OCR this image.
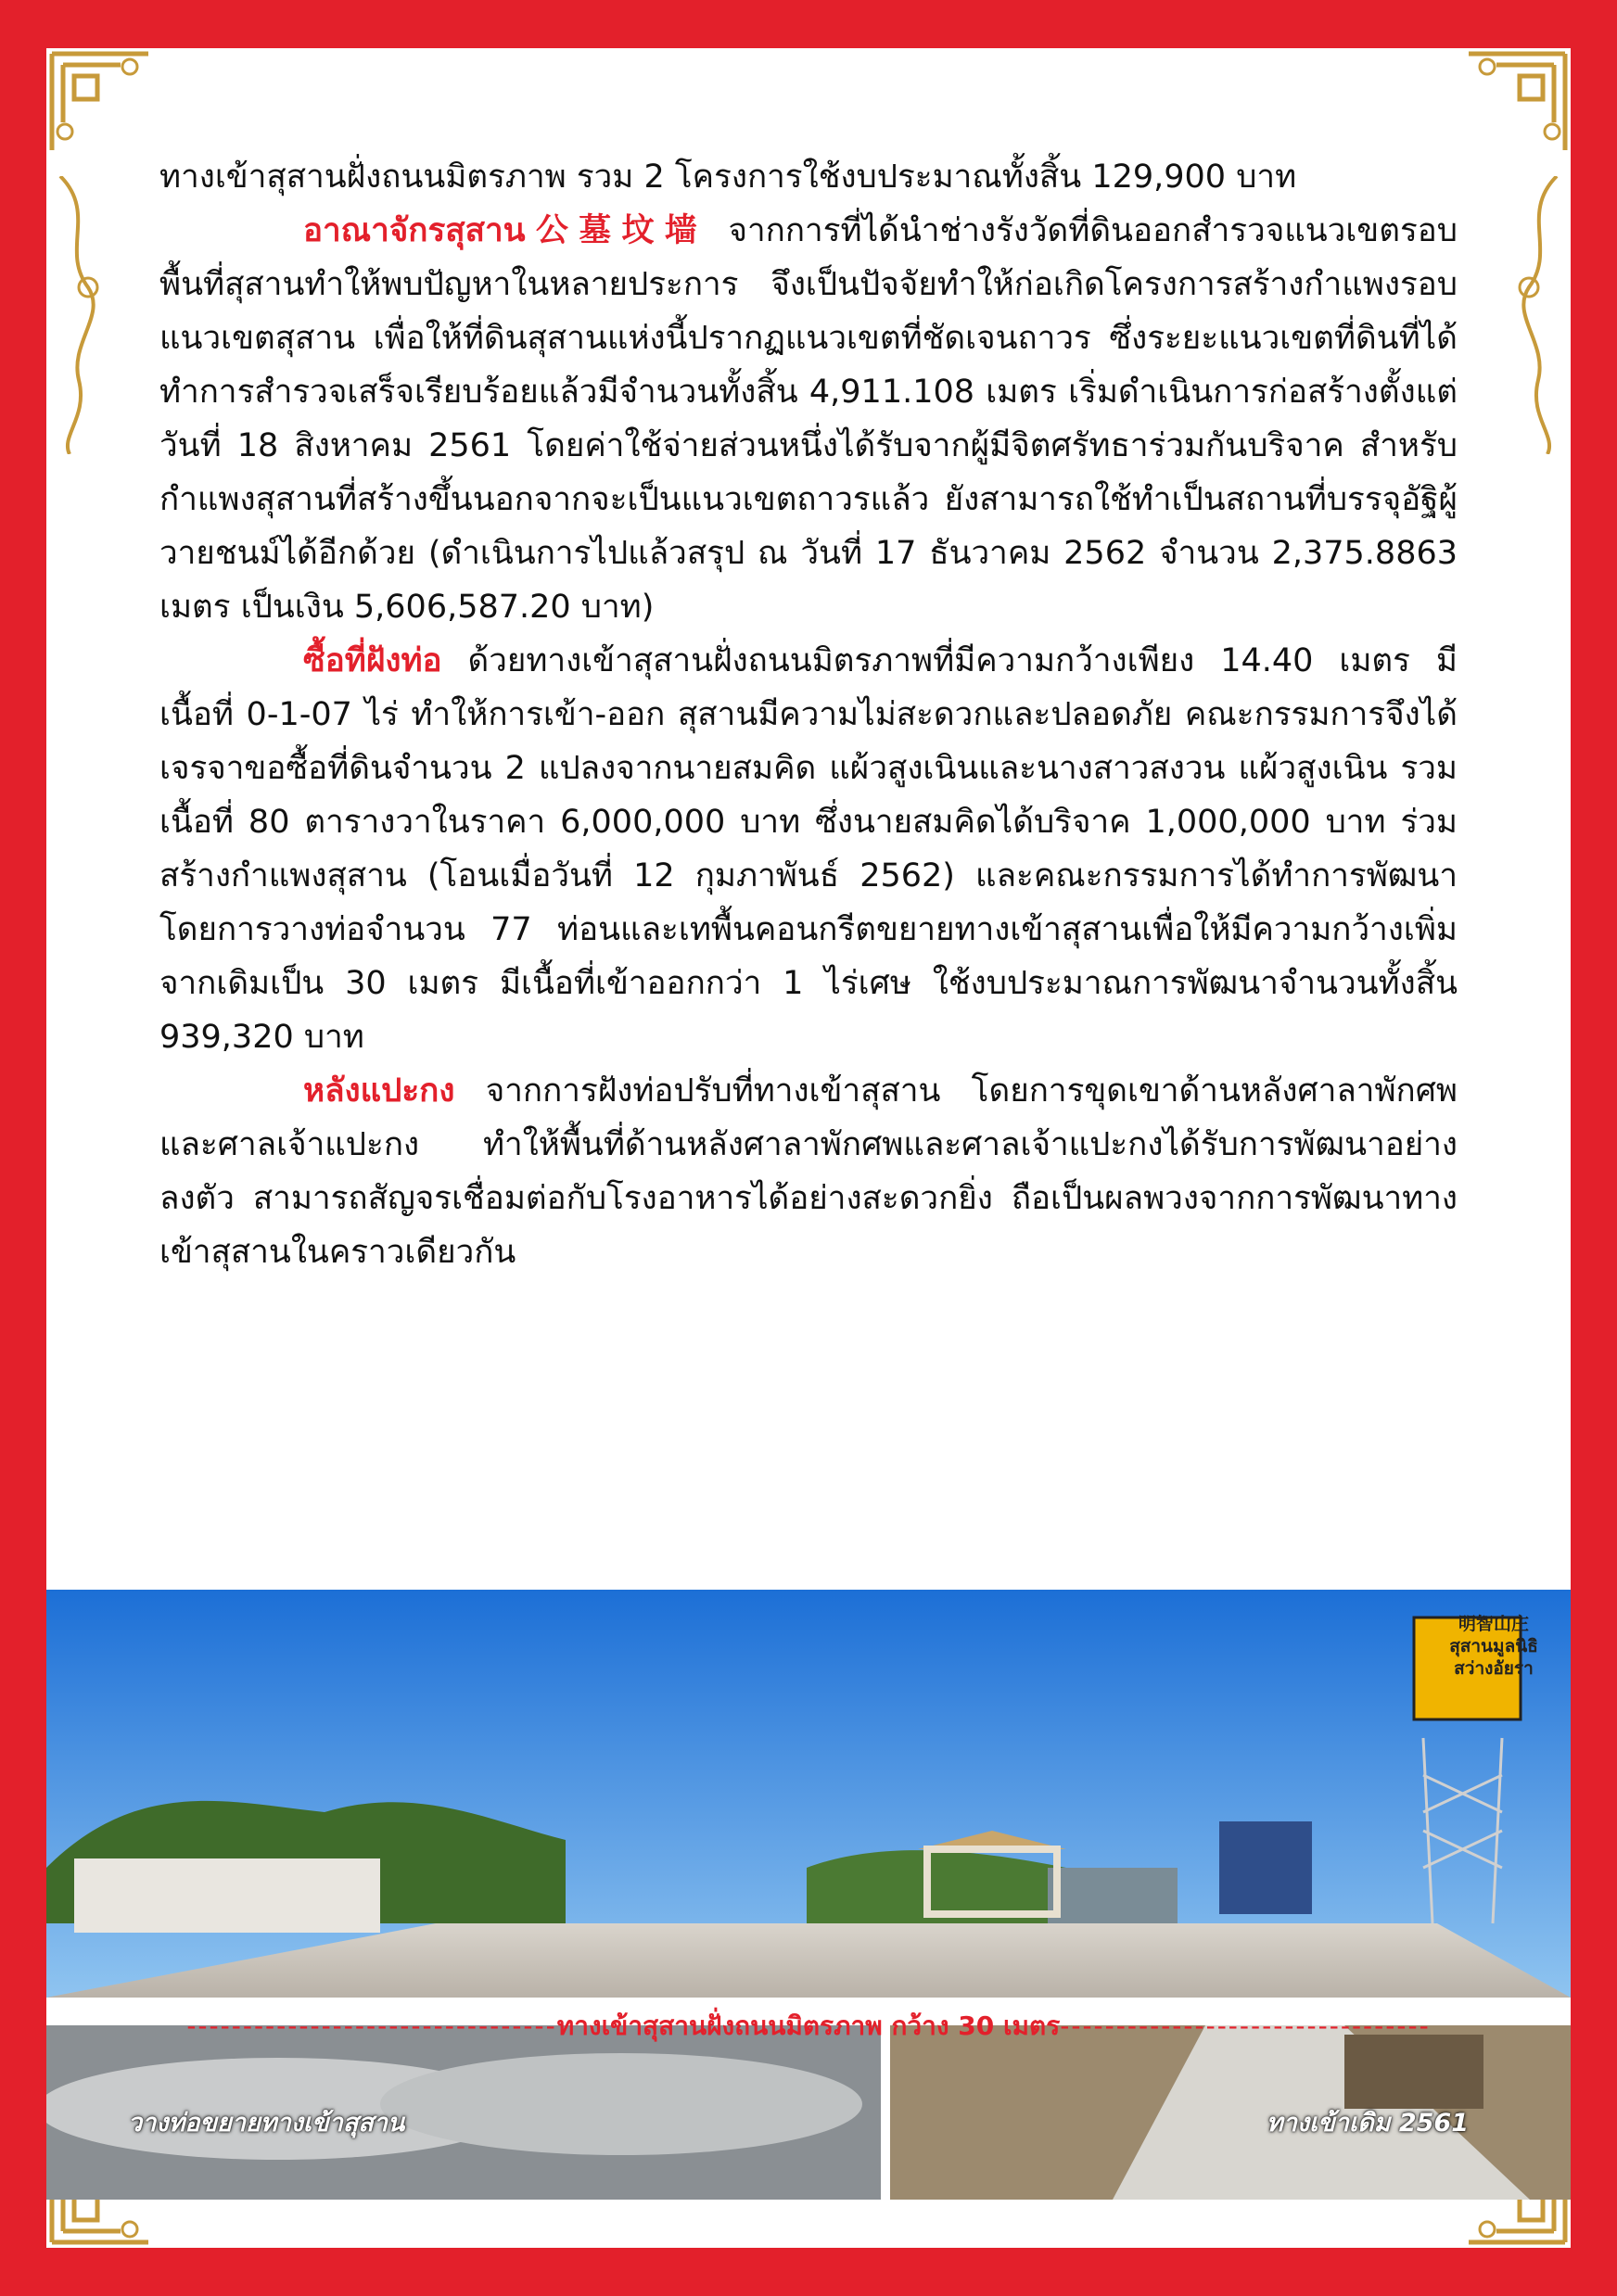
ทางเข้าสุสานฝั่งถนนมิตรภาพ รวม 2 โครงการใช้งบประมาณทั้งสิ้น 129,900 บาท

อาณาจักรสุสาน公墓坟墙 จากการที่ได้นำช่างรังวัดที่ดินออกสำรวจแนวเขตรอบพื้นที่สุสานทำให้พบปัญหาในหลายประการ จึงเป็นปัจจัยทำให้ก่อเกิดโครงการสร้างกำแพงรอบแนวเขตสุสาน เพื่อให้ที่ดินสุสานแห่งนี้ปรากฏแนวเขตที่ชัดเจนถาวร ซึ่งระยะแนวเขตที่ดินที่ได้ทำการสำรวจเสร็จเรียบร้อยแล้วมีจำนวนทั้งสิ้น 4,911.108 เมตร เริ่มดำเนินการก่อสร้างตั้งแต่วันที่ 18 สิงหาคม 2561 โดยค่าใช้จ่ายส่วนหนึ่งได้รับจากผู้มีจิตศรัทธาร่วมกันบริจาค สำหรับกำแพงสุสานที่สร้างขึ้นนอกจากจะเป็นแนวเขตถาวรแล้ว ยังสามารถใช้ทำเป็นสถานที่บรรจุอัฐิผู้วายชนม์ได้อีกด้วย (ดำเนินการไปแล้วสรุป ณ วันที่ 17 ธันวาคม 2562 จำนวน 2,375.8863 เมตร เป็นเงิน 5,606,587.20 บาท)

ซื้อที่ฝังท่อ ด้วยทางเข้าสุสานฝั่งถนนมิตรภาพที่มีความกว้างเพียง 14.40 เมตร มีเนื้อที่ 0-1-07 ไร่ ทำให้การเข้า-ออก สุสานมีความไม่สะดวกและปลอดภัย คณะกรรมการจึงได้เจรจาขอซื้อที่ดินจำนวน 2 แปลงจากนายสมคิด แผ้วสูงเนินและนางสาวสงวน แผ้วสูงเนิน รวมเนื้อที่ 80 ตารางวาในราคา 6,000,000 บาท ซึ่งนายสมคิดได้บริจาค 1,000,000 บาท ร่วมสร้างกำแพงสุสาน (โอนเมื่อวันที่ 12 กุมภาพันธ์ 2562) และคณะกรรมการได้ทำการพัฒนาโดยการวางท่อจำนวน 77 ท่อนและเทพื้นคอนกรีตขยายทางเข้าสุสานเพื่อให้มีความกว้างเพิ่มจากเดิมเป็น 30 เมตร มีเนื้อที่เข้าออกกว่า 1 ไร่เศษ ใช้งบประมาณการพัฒนาจำนวนทั้งสิ้น 939,320 บาท

หลังแปะกง จากการฝังท่อปรับที่ทางเข้าสุสาน โดยการขุดเขาด้านหลังศาลาพักศพและศาลเจ้าแปะกง ทำให้พื้นที่ด้านหลังศาลาพักศพและศาลเจ้าแปะกงได้รับการพัฒนาอย่างลงตัว สามารถสัญจรเชื่อมต่อกับโรงอาหารได้อย่างสะดวกยิ่ง ถือเป็นผลพวงจากการพัฒนาทางเข้าสุสานในคราวเดียวกัน

明智山庄
สุสานมูลนิธิ
สว่างอัยรา
---------------------------------ทางเข้าสุสานฝั่งถนนมิตรภาพ กว้าง 30 เมตร---------------------------------
วางท่อขยายทางเข้าสุสาน	ทางเข้าเดิม 2561
